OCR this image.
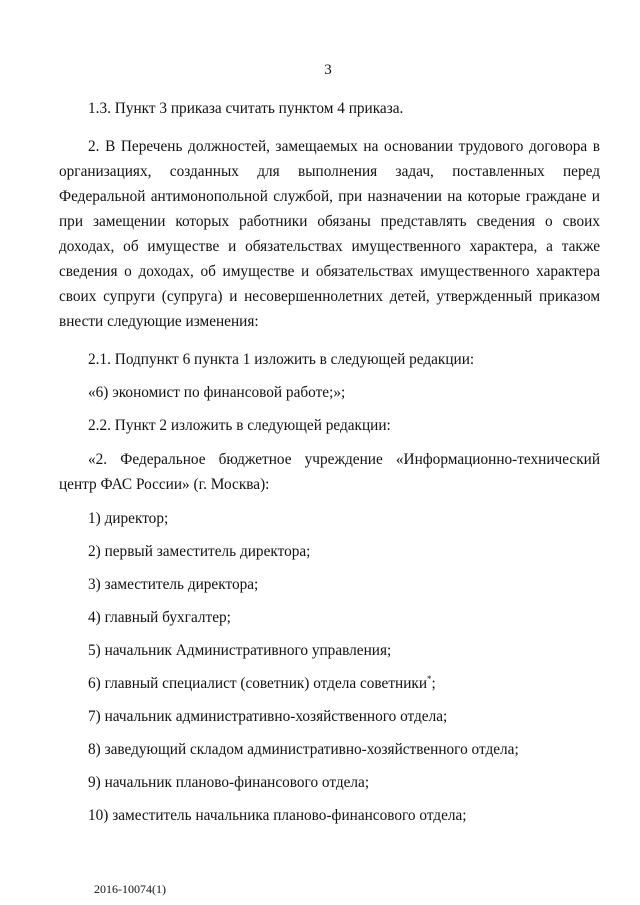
3
1.3. Пункт 3 приказа считать пунктом 4 приказа.
2. В Перечень должностей, замещаемых на основании трудового договора в
организациях, созданных для выполнения задач, поставленных перед
Федеральной антимонопольной службой, при назначении на которые граждане и
при замещении которых работники обязаны представлять сведения о своих
доходах, об имуществе и обязательствах имущественного характера, а также
сведения о доходах, об имуществе и обязательствах имущественного характера
своих супруги (супруга) и несовершеннолетних детей, утвержденный приказом
внести следующие изменения:
2.1. Подпункт 6 пункта 1 изложить в следующей редакции:
«6) экономист по финансовой работе;»;
2.2. Пункт 2 изложить в следующей редакции:
«2. Федеральное бюджетное учреждение «Информационно-технический
центр ФАС России» (г. Москва):
1) директор;
2) первый заместитель директора;
3) заместитель директора;
4) главный бухгалтер;
5) начальник Административного управления;
6) главный специалист (советник) отдела советники*;
7) начальник административно-хозяйственного отдела;
8) заведующий складом административно-хозяйственного отдела;
9) начальник планово-финансового отдела;
10) заместитель начальника планово-финансового отдела;
2016-10074(1)
